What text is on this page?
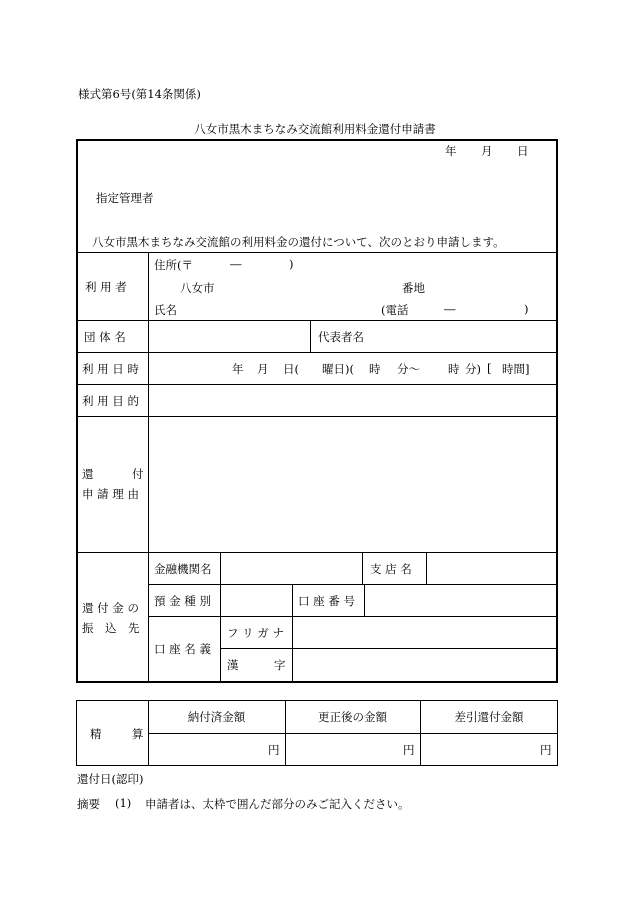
様式第6号(第14条関係)
八女市黒木まちなみ交流館利用料金還付申請書
年 月 日
指定管理者
八女市黒木まちなみ交流館の利用料金の還付について、次のとおり申請します。
利 用 者
住所(〒	―	)
八女市	番地
氏名	(電話	―	)
団 体 名	代表者名
利 用 日 時	年 月 日( 曜日)( 時 分〜 時 分) [ 時間]
利 用 目 的
還	付
申 請 理 由
還 付 金 の
振　込　先
金融機関名	支 店 名
預 金 種 別	口 座 番 号
口 座 名 義
フ リ ガ ナ
漢	字
精	算
納付済金額	更正後の金額	差引還付金額
円	円	円
還付日(認印)
摘要 (1) 申請者は、太枠で囲んだ部分のみご記入ください。
